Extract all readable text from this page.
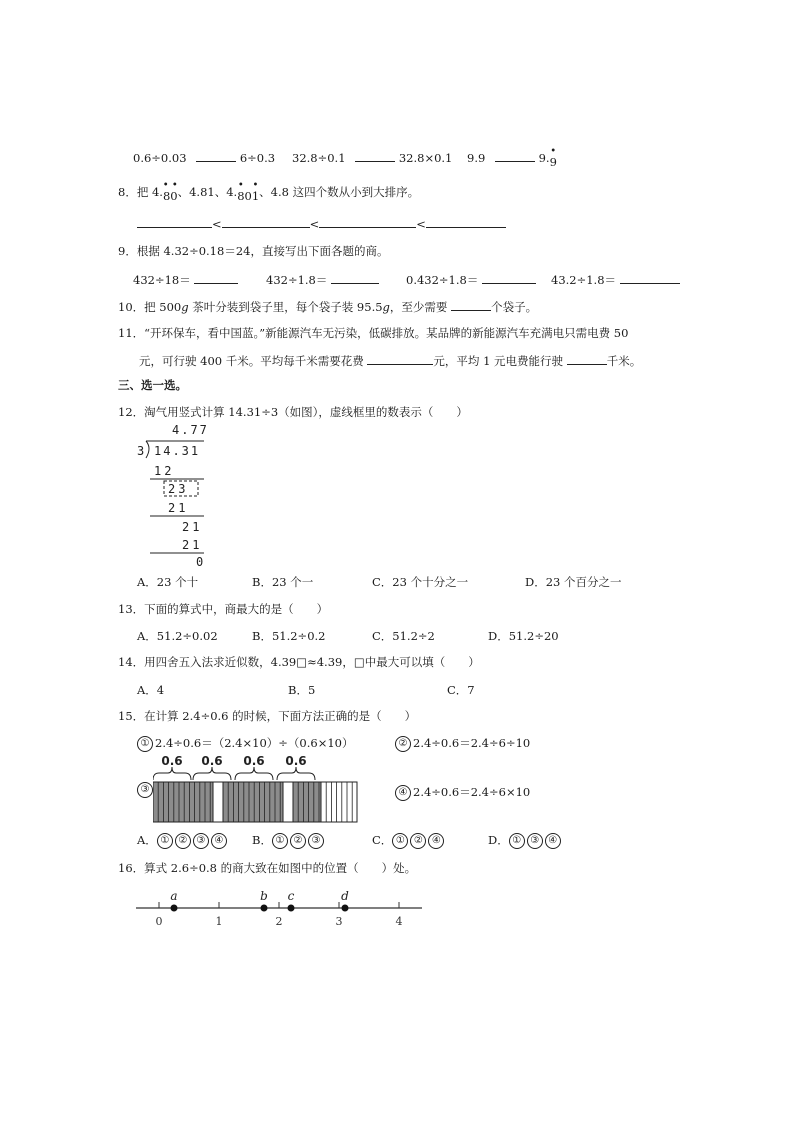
0.6÷0.03	6÷0.3 32.8÷0.1	32.8×0.1 9.9	9. •
9
8．把 4. • •
80、4.81、4. •
80
•
1、4.8 这四个数从小到大排序。
<	<	<
9．根据 4.32÷0.18＝24，直接写出下面各题的商。
432÷18＝	432÷1.8＝	0.432÷1.8＝	43.2÷1.8＝
10．把 500g 茶叶分装到袋子里，每个袋子装 95.5g，至少需要	个袋子。
11．“开环保车，看中国蓝。”新能源汽车无污染，低碳排放。某品牌的新能源汽车充满电只需电费 50
元，可行驶 400 千米。平均每千米需要花费	元，平均 1 元电费能行驶	千米。
三、选一选。
12．淘气用竖式计算 14.31÷3（如图），虚线框里的数表示（　　）
4.77
3 14.31
12
23
21
21
21
0
A．23 个十	B．23 个一	C．23 个十分之一	D．23 个百分之一
13．下面的算式中，商最大的是（　　）
A．51.2÷0.02	B．51.2÷0.2	C．51.2÷2	D．51.2÷20
14．用四舍五入法求近似数，4.39□≈4.39，□中最大可以填（　　）
A．4	B．5	C．7
15．在计算 2.4÷0.6 的时候，下面方法正确的是（　　）
① 2.4÷0.6＝（2.4×10）÷（0.6×10）	② 2.4÷0.6＝2.4÷6÷10
③
0.6 0.6 0.6 0.6
④ 2.4÷0.6＝2.4÷6×10
A． ① ② ③ ④	B． ① ② ③	C． ① ② ④	D． ① ③ ④
16．算式 2.6÷0.8 的商大致在如图中的位置（　　）处。
0	1	2	3	4
a	b c	d
